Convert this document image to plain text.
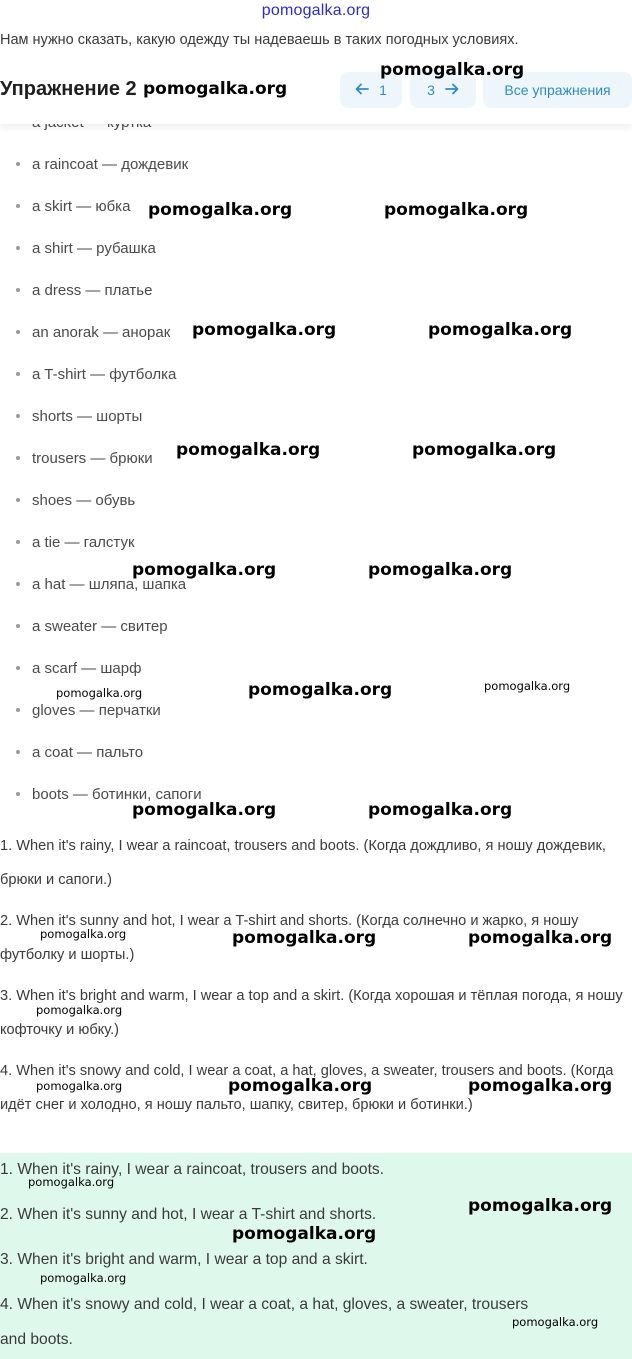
pomogalka.org
Нам нужно сказать, какую одежду ты надеваешь в таких погодных условиях.
a raincoat — дождевик
a skirt — юбка
a shirt — рубашка
a dress — платье
an anorak — анорак
a T-shirt — футболка
shorts — шорты
trousers — брюки
shoes — обувь
a tie — галстук
a hat — шляпа, шапка
a sweater — свитер
a scarf — шарф
gloves — перчатки
a coat — пальто
boots — ботинки, сапоги
Упражнение 2	1	3	Все упражнения

1. When it's rainy, I wear a raincoat, trousers and boots. (Когда дождливо, я ношу дождевик, брюки и сапоги.)

2. When it's sunny and hot, I wear a T-shirt and shorts. (Когда солнечно и жарко, я ношу футболку и шорты.)

3. When it's bright and warm, I wear a top and a skirt. (Когда хорошая и тёплая погода, я ношу кофточку и юбку.)

4. When it's snowy and cold, I wear a coat, a hat, gloves, a sweater, trousers and boots. (Когда идёт снег и холодно, я ношу пальто, шапку, свитер, брюки и ботинки.)

1. When it's rainy, I wear a raincoat, trousers and boots.
2. When it's sunny and hot, I wear a T-shirt and shorts.
3. When it's bright and warm, I wear a top and a skirt.
4. When it's snowy and cold, I wear a coat, a hat, gloves, a sweater, trousers
and boots.
pomogalka.org
pomogalka.org
pomogalka.org	pomogalka.org
pomogalka.org	pomogalka.org
pomogalka.org	pomogalka.org
pomogalka.org	pomogalka.org
pomogalka.org	pomogalka.org	pomogalka.org
pomogalka.org	pomogalka.org
pomogalka.org	pomogalka.org	pomogalka.org
pomogalka.org
pomogalka.org	pomogalka.org	pomogalka.org
pomogalka.org
pomogalka.org
pomogalka.org
pomogalka.org
pomogalka.org
